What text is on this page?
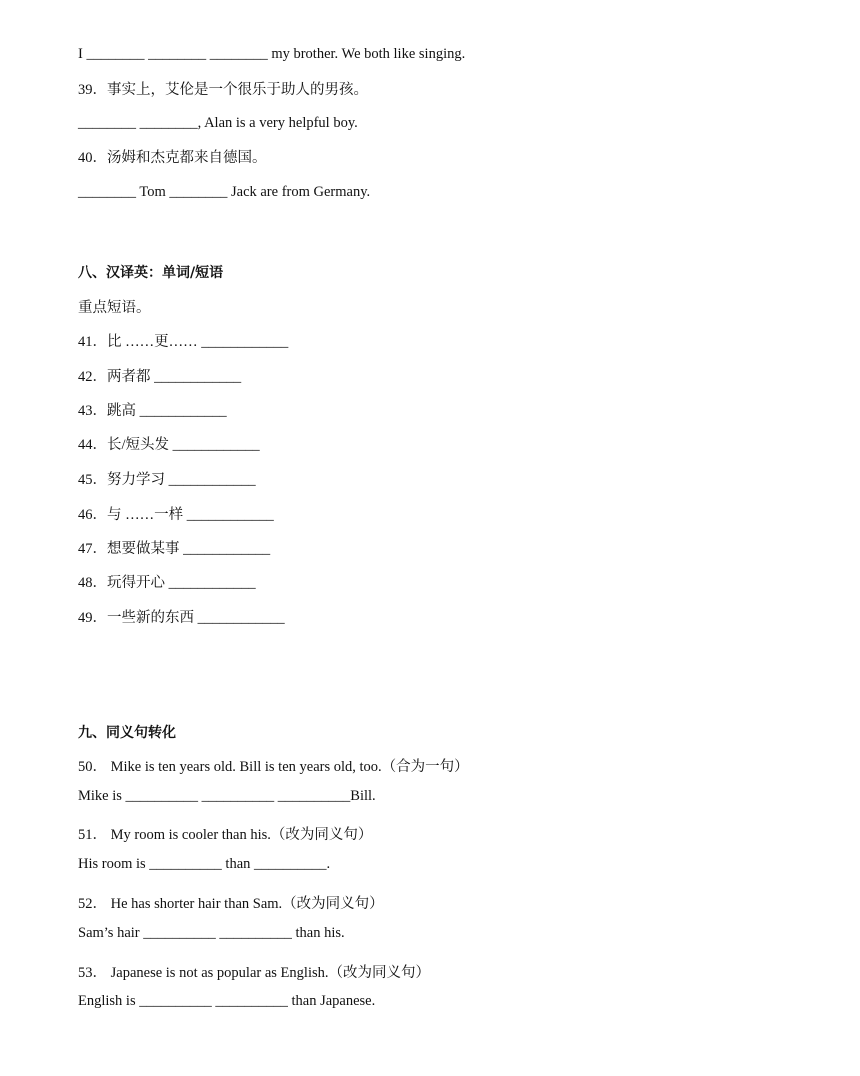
I ________ ________ ________ my brother. We both like singing.
39．事实上，艾伦是一个很乐于助人的男孩。
________ ________, Alan is a very helpful boy.
40．汤姆和杰克都来自德国。
________ Tom ________ Jack are from Germany.
八、汉译英：单词/短语
重点短语。
41．比 ……更…… ____________
42．两者都 ____________
43．跳高 ____________
44．长/短头发 ____________
45．努力学习 ____________
46．与 ……一样 ____________
47．想要做某事 ____________
48．玩得开心 ____________
49．一些新的东西 ____________
九、同义句转化
50． Mike is ten years old. Bill is ten years old, too.（合为一句）
Mike is __________ __________ __________Bill.
51． My room is cooler than his.（改为同义句）
His room is __________ than __________.
52． He has shorter hair than Sam.（改为同义句）
Sam’s hair __________ __________ than his.
53． Japanese is not as popular as English.（改为同义句）
English is __________ __________ than Japanese.
